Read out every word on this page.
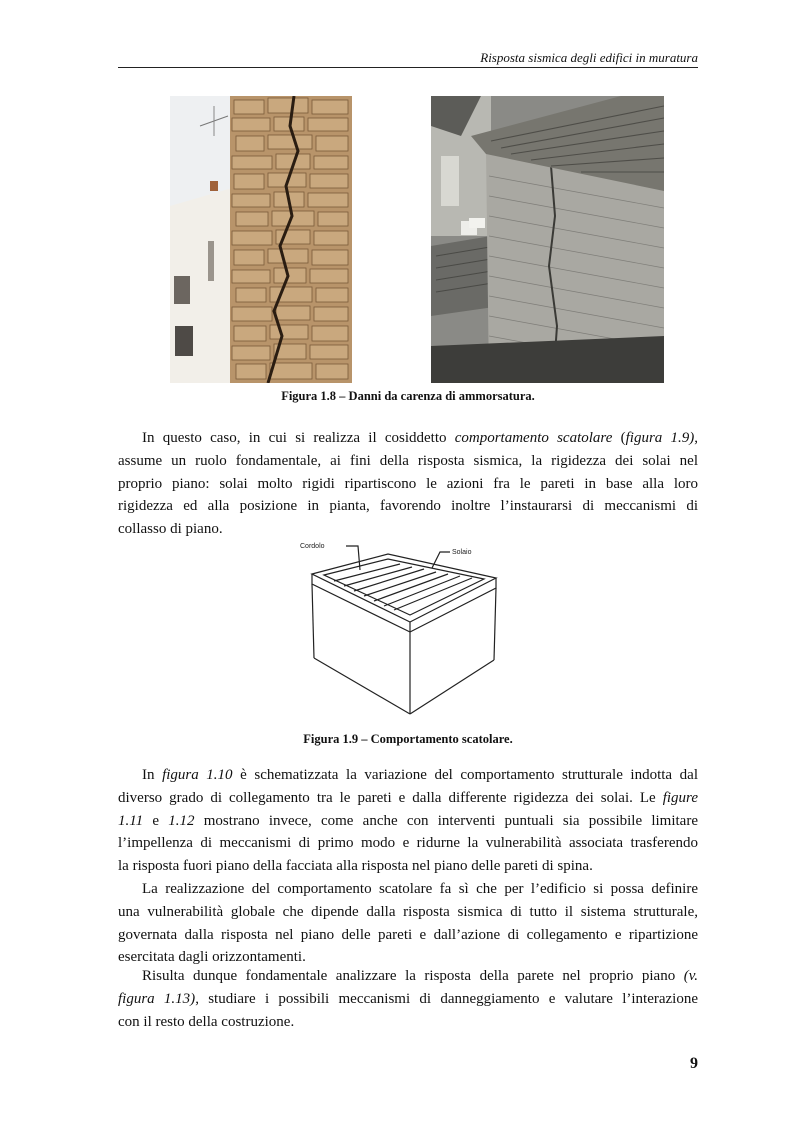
Risposta sismica degli edifici in muratura
Figura 1.8 – Danni da carenza di ammorsatura.
In questo caso, in cui si realizza il cosiddetto comportamento scatolare (figura 1.9),
assume un ruolo fondamentale, ai fini della risposta sismica, la rigidezza dei solai nel
proprio piano: solai molto rigidi ripartiscono le azioni fra le pareti in base alla loro
rigidezza ed alla posizione in pianta, favorendo inoltre l’instaurarsi di meccanismi di
collasso di piano.
Cordolo
Solaio
Figura 1.9 – Comportamento scatolare.
In figura 1.10 è schematizzata la variazione del comportamento strutturale indotta dal
diverso grado di collegamento tra le pareti e dalla differente rigidezza dei solai. Le figure
1.11 e 1.12 mostrano invece, come anche con interventi puntuali sia possibile limitare
l’impellenza di meccanismi di primo modo e ridurne la vulnerabilità associata trasferendo
la risposta fuori piano della facciata alla risposta nel piano delle pareti di spina.
La realizzazione del comportamento scatolare fa sì che per l’edificio si possa definire
una vulnerabilità globale che dipende dalla risposta sismica di tutto il sistema strutturale,
governata dalla risposta nel piano delle pareti e dall’azione di collegamento e ripartizione
esercitata dagli orizzontamenti.
Risulta dunque fondamentale analizzare la risposta della parete nel proprio piano (v.
figura 1.13), studiare i possibili meccanismi di danneggiamento e valutare l’interazione
con il resto della costruzione.
9
